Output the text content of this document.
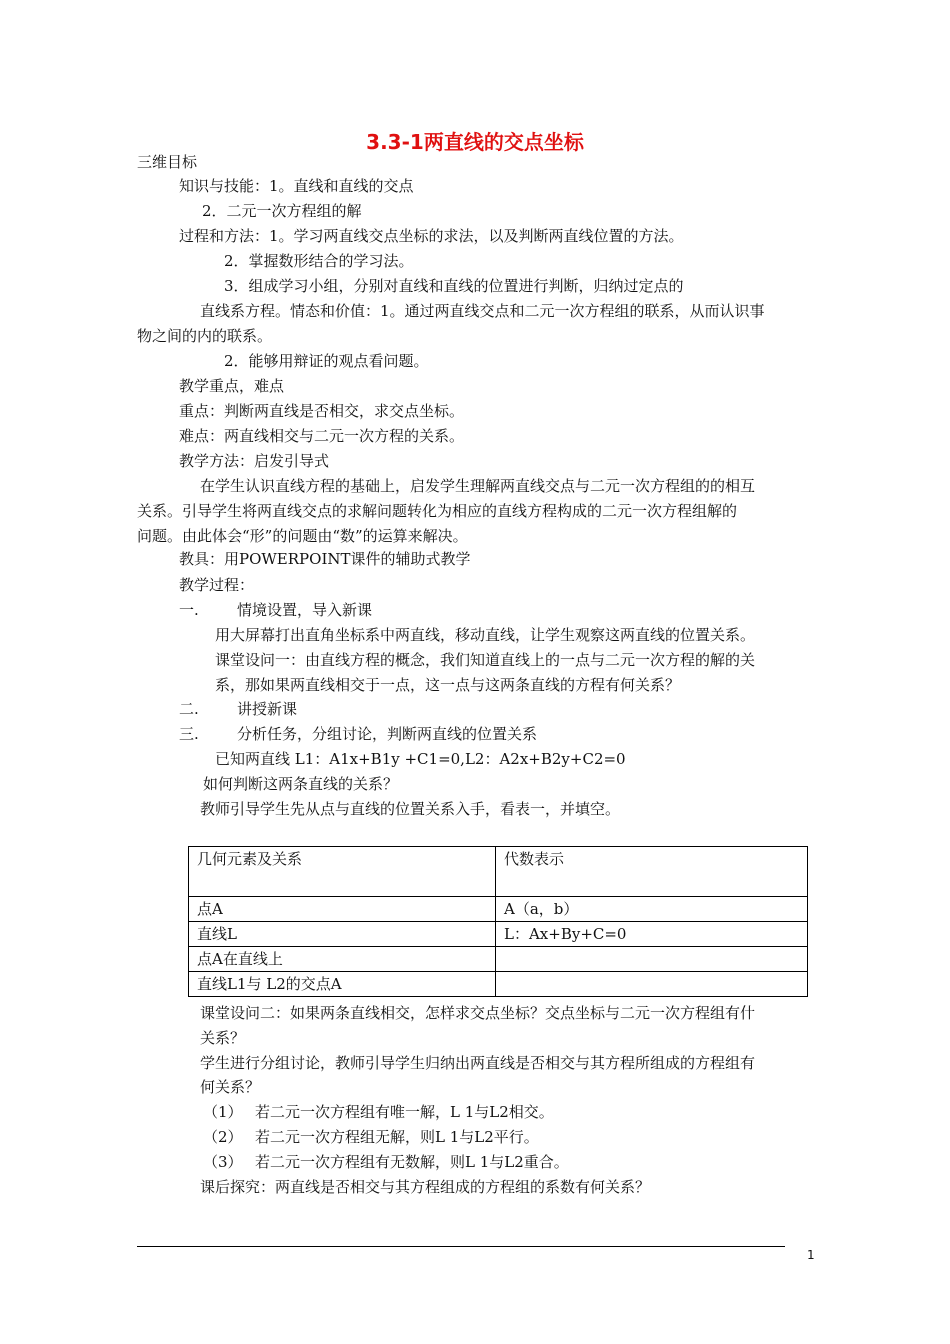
3.3-1两直线的交点坐标
三维目标
知识与技能：1。直线和直线的交点
2．二元一次方程组的解
过程和方法：1。学习两直线交点坐标的求法，以及判断两直线位置的方法。
2．掌握数形结合的学习法。
3．组成学习小组，分别对直线和直线的位置进行判断，归纳过定点的
直线系方程。情态和价值：1。通过两直线交点和二元一次方程组的联系，从而认识事
物之间的内的联系。
2．能够用辩证的观点看问题。
教学重点，难点
重点：判断两直线是否相交，求交点坐标。
难点：两直线相交与二元一次方程的关系。
教学方法：启发引导式
在学生认识直线方程的基础上，启发学生理解两直线交点与二元一次方程组的的相互
关系。引导学生将两直线交点的求解问题转化为相应的直线方程构成的二元一次方程组解的
问题。由此体会“形”的问题由“数”的运算来解决。
教具：用POWERPOINT课件的辅助式教学
教学过程：
一.	情境设置，导入新课
用大屏幕打出直角坐标系中两直线，移动直线，让学生观察这两直线的位置关系。
课堂设问一：由直线方程的概念，我们知道直线上的一点与二元一次方程的解的关
系，那如果两直线相交于一点，这一点与这两条直线的方程有何关系？
二.	讲授新课
三.	分析任务，分组讨论，判断两直线的位置关系
已知两直线 L1：A1x+B1y +C1=0,L2：A2x+B2y+C2=0
如何判断这两条直线的关系？
教师引导学生先从点与直线的位置关系入手，看表一，并填空。
几何元素及关系	代数表示
点A	A（a，b）
直线L	L：Ax+By+C=0
点A在直线上	
直线L1与 L2的交点A	
课堂设问二：如果两条直线相交，怎样求交点坐标？交点坐标与二元一次方程组有什
关系？
学生进行分组讨论，教师引导学生归纳出两直线是否相交与其方程所组成的方程组有
何关系？
（1） 若二元一次方程组有唯一解，L 1与L2相交。
（2） 若二元一次方程组无解，则L 1与L2平行。
（3） 若二元一次方程组有无数解，则L 1与L2重合。
课后探究：两直线是否相交与其方程组成的方程组的系数有何关系？
1
